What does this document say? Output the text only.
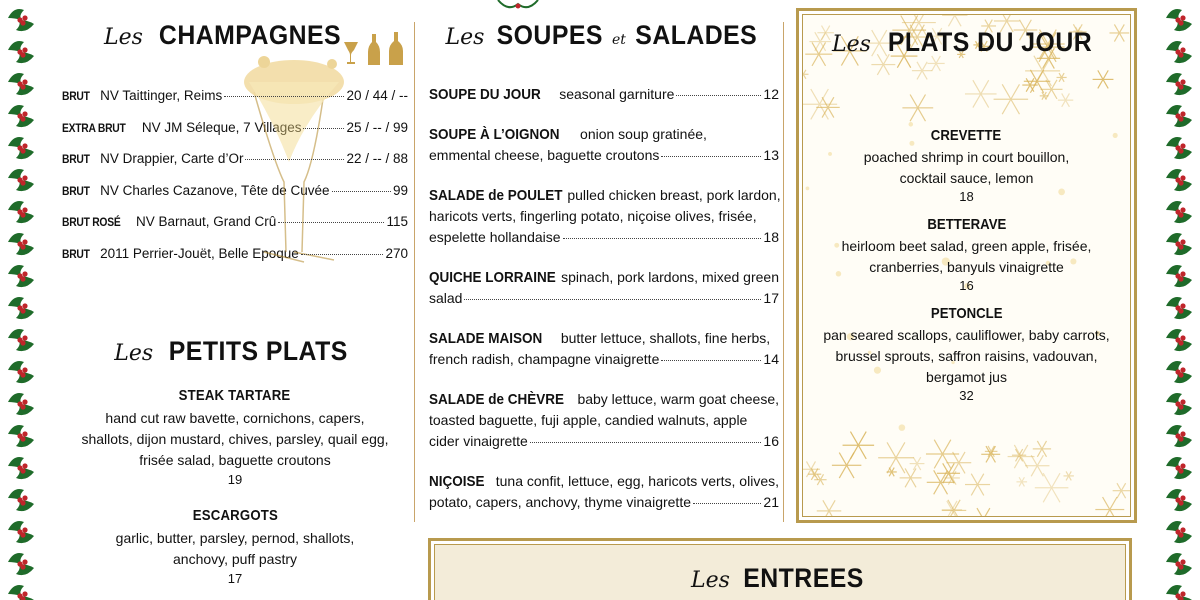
Les CHAMPAGNES
BRUT NV Taittinger, Reims	20 / 44 / --
EXTRA BRUT NV JM Séleque, 7 Villages	25 / -- / 99
BRUT NV Drappier, Carte d’Or	22 / -- / 88
BRUT NV Charles Cazanove, Tête de Cuvée	99
BRUT ROSÉ NV Barnaut, Grand Crû	115
BRUT 2011 Perrier-Jouët, Belle Epoque	270
Les PETITS PLATS
STEAK TARTARE
hand cut raw bavette, cornichons, capers,
shallots, dijon mustard, chives, parsley, quail egg,
frisée salad, baguette croutons
19
ESCARGOTS
garlic, butter, parsley, pernod, shallots,
anchovy, puff pastry
17
Les SOUPES et SALADES
SOUPE DU JOUR seasonal garniture	12
SOUPE À L’OIGNON onion soup gratinée,
emmental cheese, baguette croutons	13
SALADE de POULET pulled chicken breast, pork lardon,
haricots verts, fingerling potato, niçoise olives, frisée,
espelette hollandaise	18
QUICHE LORRAINE spinach, pork lardons, mixed green
salad	17
SALADE MAISON butter lettuce, shallots, fine herbs,
french radish, champagne vinaigrette	14
SALADE de CHÈVRE baby lettuce, warm goat cheese,
toasted baguette, fuji apple, candied walnuts, apple
cider vinaigrette	16
NIÇOISE tuna confit, lettuce, egg, haricots verts, olives,
potato, capers, anchovy, thyme vinaigrette	21
Les PLATS DU JOUR
CREVETTE
poached shrimp in court bouillon,
cocktail sauce, lemon
18
BETTERAVE
heirloom beet salad, green apple, frisée,
cranberries, banyuls vinaigrette
16
PETONCLE
pan seared scallops, cauliflower, baby carrots,
brussel sprouts, saffron raisins, vadouvan,
bergamot jus
32
Les ENTREES
